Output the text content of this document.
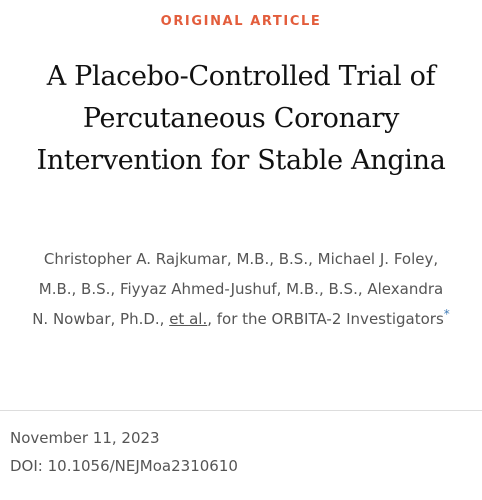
ORIGINAL ARTICLE
A Placebo-Controlled Trial of Percutaneous Coronary Intervention for Stable Angina

Christopher A. Rajkumar, M.B., B.S., Michael J. Foley, M.B., B.S., Fiyyaz Ahmed-Jushuf, M.B., B.S., Alexandra N. Nowbar, Ph.D., et al., for the ORBITA-2 Investigators*

November 11, 2023
DOI: 10.1056/NEJMoa2310610
